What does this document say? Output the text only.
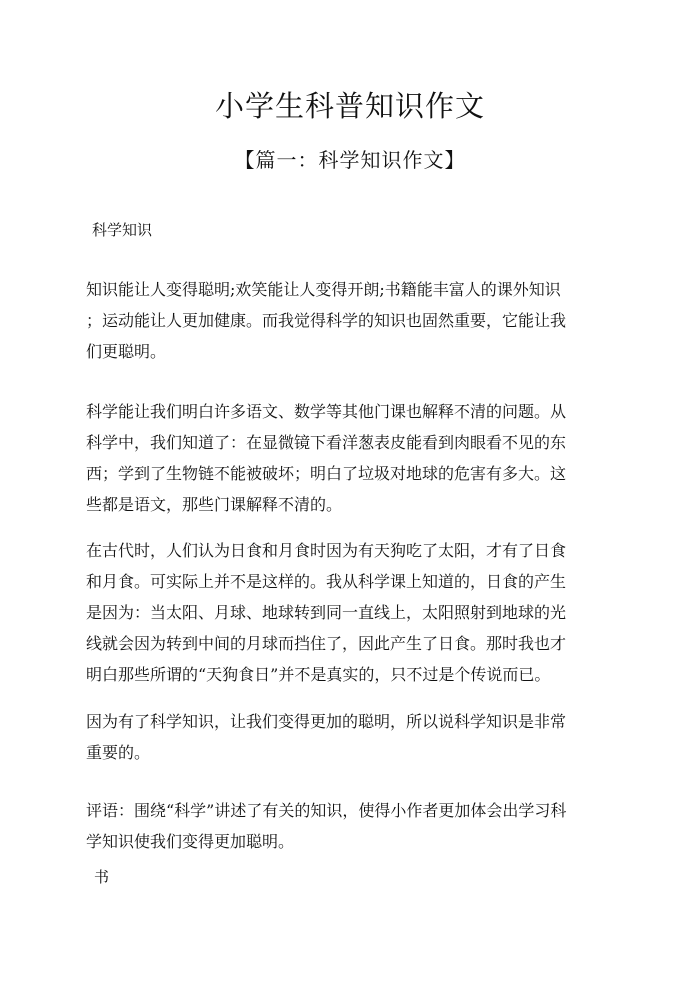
小学生科普知识作文
【篇一：科学知识作文】
科学知识
知识能让人变得聪明;欢笑能让人变得开朗;书籍能丰富人的课外知识
；运动能让人更加健康。而我觉得科学的知识也固然重要，它能让我
们更聪明。
科学能让我们明白许多语文、数学等其他门课也解释不清的问题。从
科学中，我们知道了：在显微镜下看洋葱表皮能看到肉眼看不见的东
西；学到了生物链不能被破坏；明白了垃圾对地球的危害有多大。这
些都是语文，那些门课解释不清的。
在古代时，人们认为日食和月食时因为有天狗吃了太阳，才有了日食
和月食。可实际上并不是这样的。我从科学课上知道的，日食的产生
是因为：当太阳、月球、地球转到同一直线上，太阳照射到地球的光
线就会因为转到中间的月球而挡住了，因此产生了日食。那时我也才
明白那些所谓的“天狗食日”并不是真实的，只不过是个传说而已。
因为有了科学知识，让我们变得更加的聪明，所以说科学知识是非常
重要的。
评语：围绕“科学”讲述了有关的知识，使得小作者更加体会出学习科
学知识使我们变得更加聪明。
书
